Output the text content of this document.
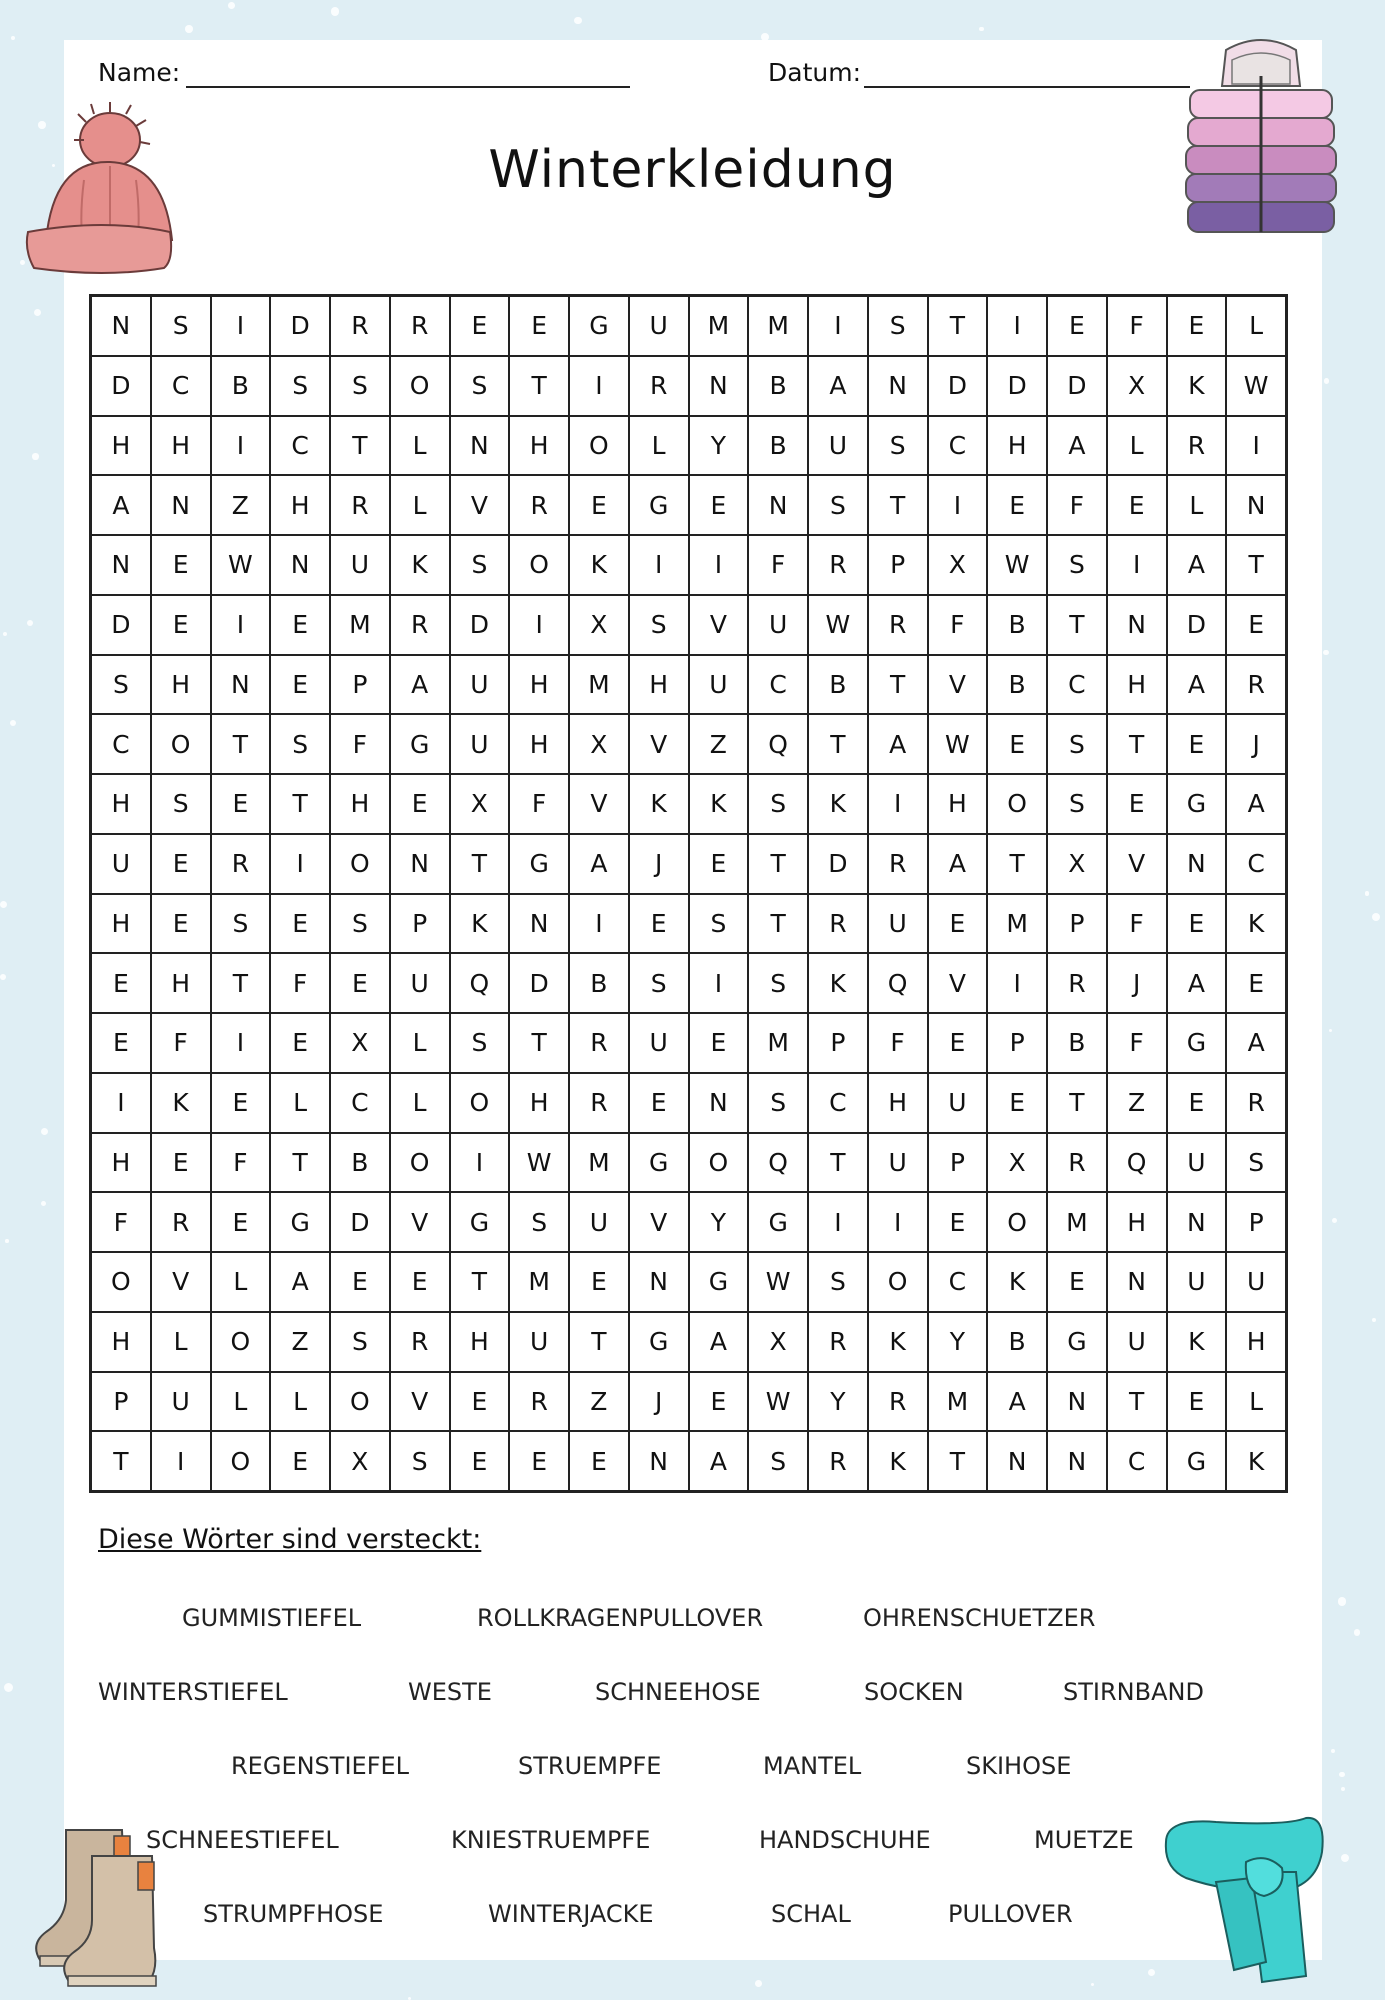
Name:	Datum:
Winterkleidung
N	S	I	D	R	R	E	E	G	U	M	M	I	S	T	I	E	F	E	L
D	C	B	S	S	O	S	T	I	R	N	B	A	N	D	D	D	X	K	W
H	H	I	C	T	L	N	H	O	L	Y	B	U	S	C	H	A	L	R	I
A	N	Z	H	R	L	V	R	E	G	E	N	S	T	I	E	F	E	L	N
N	E	W	N	U	K	S	O	K	I	I	F	R	P	X	W	S	I	A	T
D	E	I	E	M	R	D	I	X	S	V	U	W	R	F	B	T	N	D	E
S	H	N	E	P	A	U	H	M	H	U	C	B	T	V	B	C	H	A	R
C	O	T	S	F	G	U	H	X	V	Z	Q	T	A	W	E	S	T	E	J
H	S	E	T	H	E	X	F	V	K	K	S	K	I	H	O	S	E	G	A
U	E	R	I	O	N	T	G	A	J	E	T	D	R	A	T	X	V	N	C
H	E	S	E	S	P	K	N	I	E	S	T	R	U	E	M	P	F	E	K
E	H	T	F	E	U	Q	D	B	S	I	S	K	Q	V	I	R	J	A	E
E	F	I	E	X	L	S	T	R	U	E	M	P	F	E	P	B	F	G	A
I	K	E	L	C	L	O	H	R	E	N	S	C	H	U	E	T	Z	E	R
H	E	F	T	B	O	I	W	M	G	O	Q	T	U	P	X	R	Q	U	S
F	R	E	G	D	V	G	S	U	V	Y	G	I	I	E	O	M	H	N	P
O	V	L	A	E	E	T	M	E	N	G	W	S	O	C	K	E	N	U	U
H	L	O	Z	S	R	H	U	T	G	A	X	R	K	Y	B	G	U	K	H
P	U	L	L	O	V	E	R	Z	J	E	W	Y	R	M	A	N	T	E	L
T	I	O	E	X	S	E	E	E	N	A	S	R	K	T	N	N	C	G	K
Diese Wörter sind versteckt:
GUMMISTIEFEL	ROLLKRAGENPULLOVER	OHRENSCHUETZER
WINTERSTIEFEL	WESTE	SCHNEEHOSE	SOCKEN	STIRNBAND
REGENSTIEFEL	STRUEMPFE	MANTEL	SKIHOSE
SCHNEESTIEFEL	KNIESTRUEMPFE	HANDSCHUHE	MUETZE
STRUMPFHOSE	WINTERJACKE	SCHAL	PULLOVER
